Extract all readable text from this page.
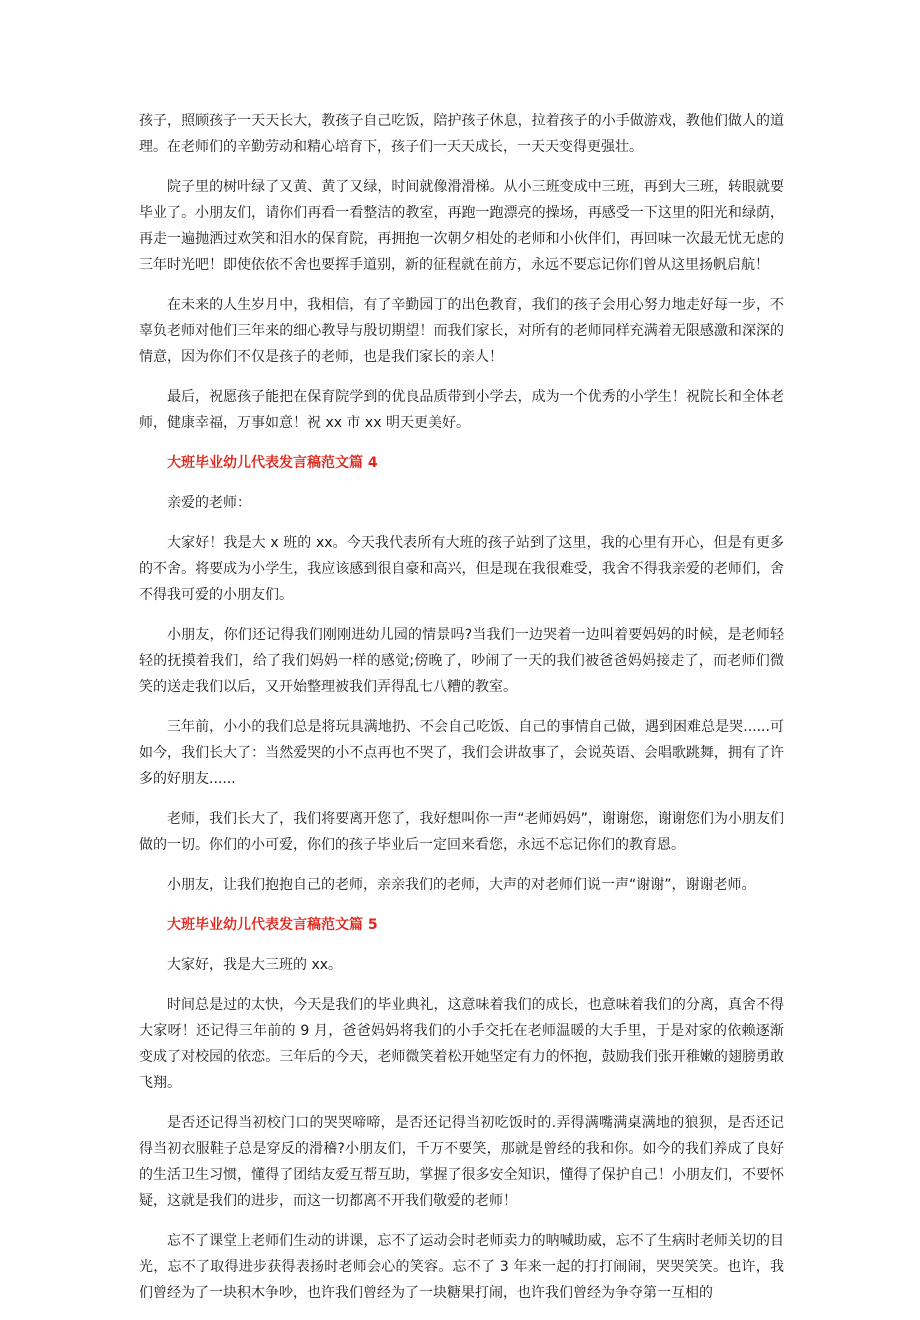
孩子，照顾孩子一天天长大，教孩子自己吃饭，陪护孩子休息，拉着孩子的小手做游戏，教他们做人的道理。在老师们的辛勤劳动和精心培育下，孩子们一天天成长，一天天变得更强壮。

院子里的树叶绿了又黄、黄了又绿，时间就像滑滑梯。从小三班变成中三班，再到大三班，转眼就要毕业了。小朋友们，请你们再看一看整洁的教室，再跑一跑漂亮的操场，再感受一下这里的阳光和绿荫，再走一遍抛洒过欢笑和泪水的保育院，再拥抱一次朝夕相处的老师和小伙伴们，再回味一次最无忧无虑的三年时光吧！即使依依不舍也要挥手道别，新的征程就在前方，永远不要忘记你们曾从这里扬帆启航！

在未来的人生岁月中，我相信，有了辛勤园丁的出色教育，我们的孩子会用心努力地走好每一步，不辜负老师对他们三年来的细心教导与殷切期望！而我们家长，对所有的老师同样充满着无限感激和深深的情意，因为你们不仅是孩子的老师，也是我们家长的亲人！

最后，祝愿孩子能把在保育院学到的优良品质带到小学去，成为一个优秀的小学生！祝院长和全体老师，健康幸福，万事如意！祝 xx 市 xx 明天更美好。

大班毕业幼儿代表发言稿范文篇 4

亲爱的老师：

大家好！我是大 x 班的 xx。今天我代表所有大班的孩子站到了这里，我的心里有开心，但是有更多的不舍。将要成为小学生，我应该感到很自豪和高兴，但是现在我很难受，我舍不得我亲爱的老师们，舍不得我可爱的小朋友们。

小朋友，你们还记得我们刚刚进幼儿园的情景吗?当我们一边哭着一边叫着要妈妈的时候，是老师轻轻的抚摸着我们，给了我们妈妈一样的感觉;傍晚了，吵闹了一天的我们被爸爸妈妈接走了，而老师们微笑的送走我们以后，又开始整理被我们弄得乱七八糟的教室。

三年前，小小的我们总是将玩具满地扔、不会自己吃饭、自己的事情自己做，遇到困难总是哭......可如今，我们长大了：当然爱哭的小不点再也不哭了，我们会讲故事了，会说英语、会唱歌跳舞，拥有了许多的好朋友......

老师，我们长大了，我们将要离开您了，我好想叫你一声“老师妈妈”，谢谢您，谢谢您们为小朋友们做的一切。你们的小可爱，你们的孩子毕业后一定回来看您，永远不忘记你们的教育恩。

小朋友，让我们抱抱自己的老师，亲亲我们的老师，大声的对老师们说一声“谢谢”，谢谢老师。

大班毕业幼儿代表发言稿范文篇 5

大家好，我是大三班的 xx。

时间总是过的太快，今天是我们的毕业典礼，这意味着我们的成长，也意味着我们的分离，真舍不得大家呀！还记得三年前的 9 月，爸爸妈妈将我们的小手交托在老师温暖的大手里，于是对家的依赖逐渐变成了对校园的依恋。三年后的今天，老师微笑着松开她坚定有力的怀抱，鼓励我们张开稚嫩的翅膀勇敢飞翔。

是否还记得当初校门口的哭哭啼啼，是否还记得当初吃饭时的.弄得满嘴满桌满地的狼狈，是否还记得当初衣服鞋子总是穿反的滑稽?小朋友们，千万不要笑，那就是曾经的我和你。如今的我们养成了良好的生活卫生习惯，懂得了团结友爱互帮互助，掌握了很多安全知识，懂得了保护自己！小朋友们，不要怀疑，这就是我们的进步，而这一切都离不开我们敬爱的老师！

忘不了课堂上老师们生动的讲课，忘不了运动会时老师卖力的呐喊助威，忘不了生病时老师关切的目光，忘不了取得进步获得表扬时老师会心的笑容。忘不了 3 年来一起的打打闹闹，哭哭笑笑。也许，我们曾经为了一块积木争吵，也许我们曾经为了一块糖果打闹，也许我们曾经为争夺第一互相的
